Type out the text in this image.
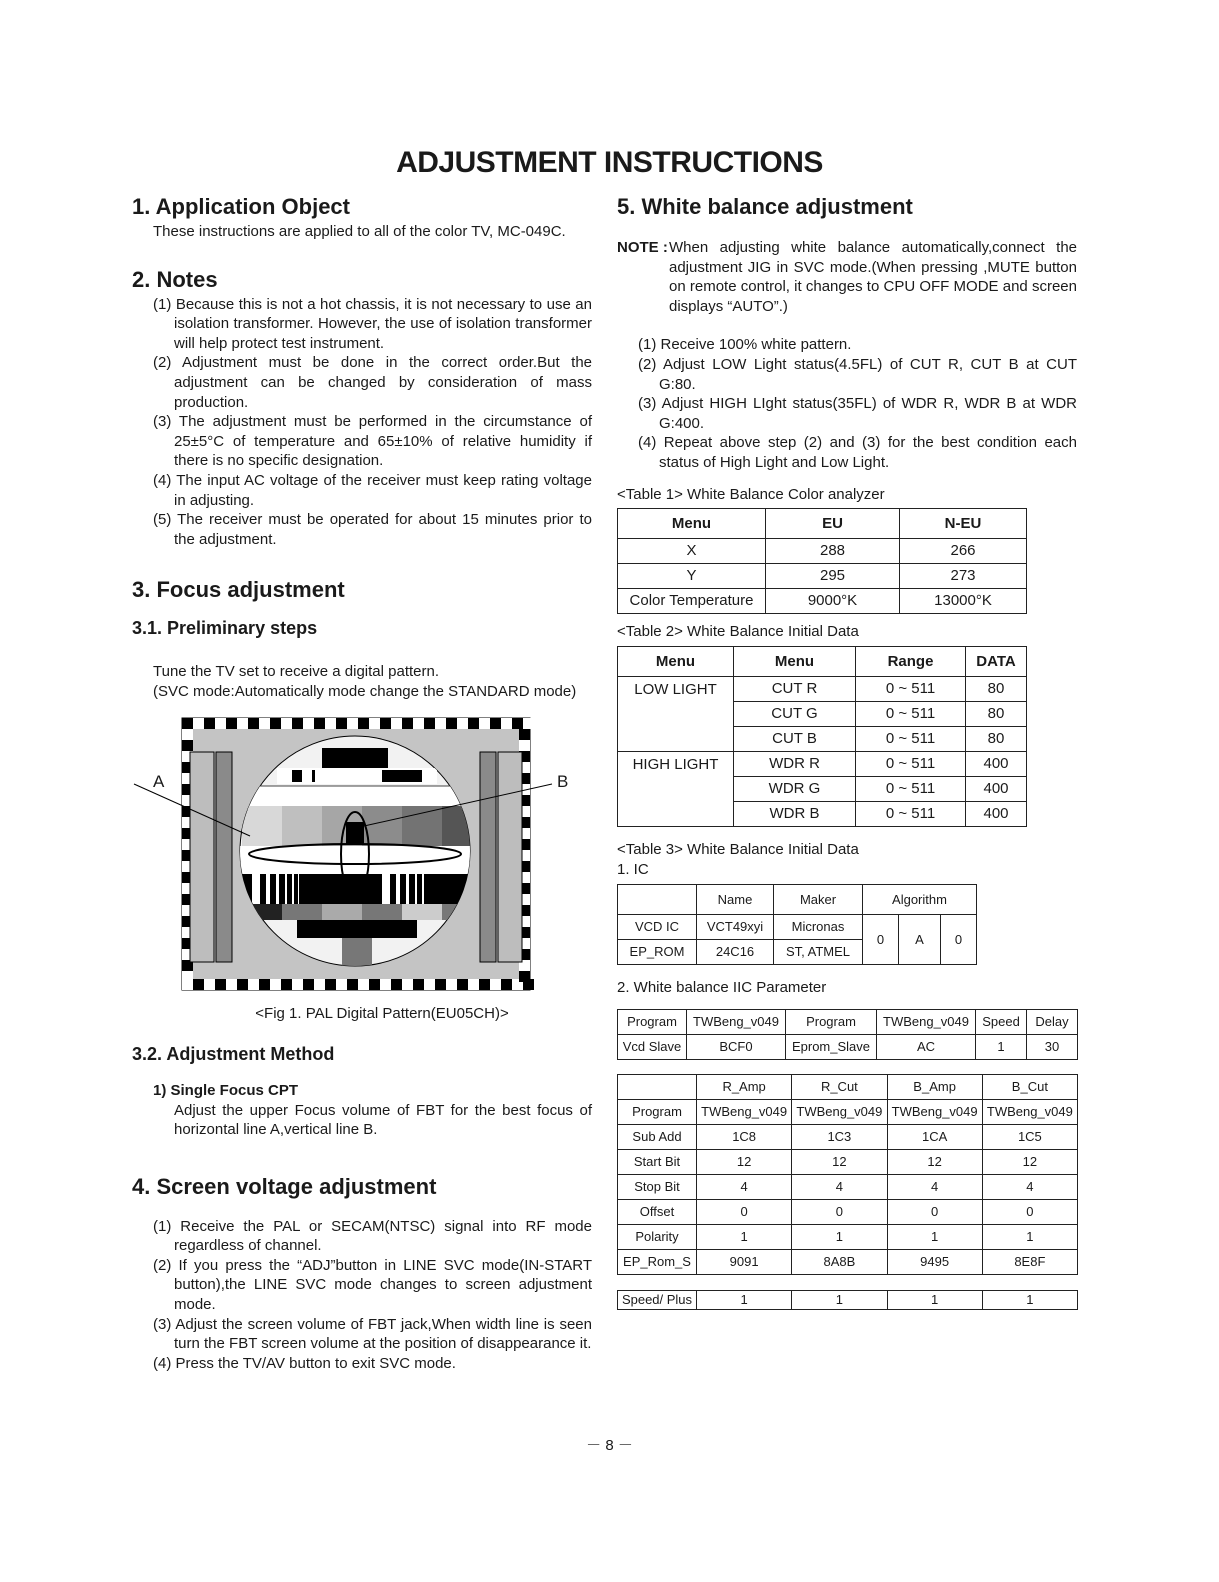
ADJUSTMENT INSTRUCTIONS
1. Application Object
These instructions are applied to all of the color TV, MC-049C.
2. Notes
(1) Because this is not a hot chassis, it is not necessary to use an isolation transformer. However, the use of isolation transformer will help protect test instrument.
(2) Adjustment must be done in the correct order.But the adjustment can be changed by consideration of mass production.
(3) The adjustment must be performed in the circumstance of 25±5°C of temperature and 65±10% of relative humidity if there is no specific designation.
(4) The input AC voltage of the receiver must keep rating voltage in adjusting.
(5) The receiver must be operated for about 15 minutes prior to the adjustment.
3. Focus adjustment
3.1. Preliminary steps
Tune the TV set to receive a digital pattern.
(SVC mode:Automatically mode change the STANDARD mode)
A	B
<Fig 1. PAL Digital Pattern(EU05CH)>
3.2. Adjustment Method
1) Single Focus CPT
Adjust the upper Focus volume of FBT for the best focus of horizontal line A,vertical line B.
4. Screen voltage adjustment
(1) Receive the PAL or SECAM(NTSC) signal into RF mode regardless of channel.
(2) If you press the “ADJ”button in LINE SVC mode(IN-START button),the LINE SVC mode changes to screen adjustment mode.
(3) Adjust the screen volume of FBT jack,When width line is seen turn the FBT screen volume at the position of disappearance it.
(4) Press the TV/AV button to exit SVC mode.
5. White balance adjustment
NOTE : When adjusting white balance automatically,connect the adjustment JIG in SVC mode.(When pressing ,MUTE button on remote control, it changes to CPU OFF MODE and screen displays “AUTO”.)
(1) Receive 100% white pattern.
(2) Adjust LOW Light status(4.5FL) of CUT R, CUT B at CUT G:80.
(3) Adjust HIGH LIght status(35FL) of WDR R, WDR B at WDR G:400.
(4) Repeat above step (2) and (3) for the best condition each status of High Light and Low Light.
<Table 1> White Balance Color analyzer
Menu	EU	N-EU
X	288	266
Y	295	273
Color Temperature	9000°K	13000°K
<Table 2> White Balance Initial Data
Menu	Menu	Range	DATA
LOW LIGHT	CUT R	0 ~ 511	80
	CUT G	0 ~ 511	80
	CUT B	0 ~ 511	80
HIGH LIGHT	WDR R	0 ~ 511	400
	WDR G	0 ~ 511	400
	WDR B	0 ~ 511	400
<Table 3> White Balance Initial Data
1. IC
	Name	Maker	Algorithm		
VCD IC	VCT49xyi	Micronas	0	A	0
EP_ROM	24C16	ST, ATMEL			
2. White balance IIC Parameter
Program	TWBeng_v049	Program	TWBeng_v049	Speed	Delay
Vcd Slave	BCF0	Eprom_Slave	AC	1	30
	R_Amp	R_Cut	B_Amp	B_Cut
Program	TWBeng_v049	TWBeng_v049	TWBeng_v049	TWBeng_v049
Sub Add	1C8	1C3	1CA	1C5
Start Bit	12	12	12	12
Stop Bit	4	4	4	4
Offset	0	0	0	0
Polarity	1	1	1	1
EP_Rom_S	9091	8A8B	9495	8E8F
Speed/ Plus	1	1	1	1
－ 8 －
